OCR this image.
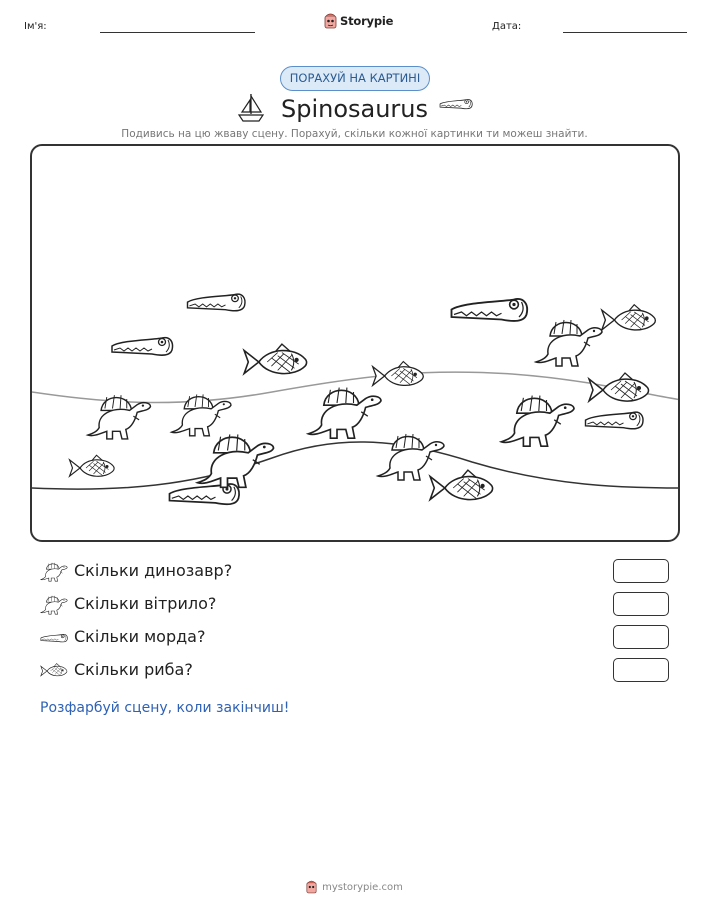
Ім'я:	Storypie	Дата:
ПОРАХУЙ НА КАРТИНІ
Spinosaurus
Подивись на цю жваву сцену. Порахуй, скільки кожної картинки ти можеш знайти.
Скільки динозавр?
Скільки вітрило?
Скільки морда?
Скільки риба?
Розфарбуй сцену, коли закінчиш!
mystorypie.com
